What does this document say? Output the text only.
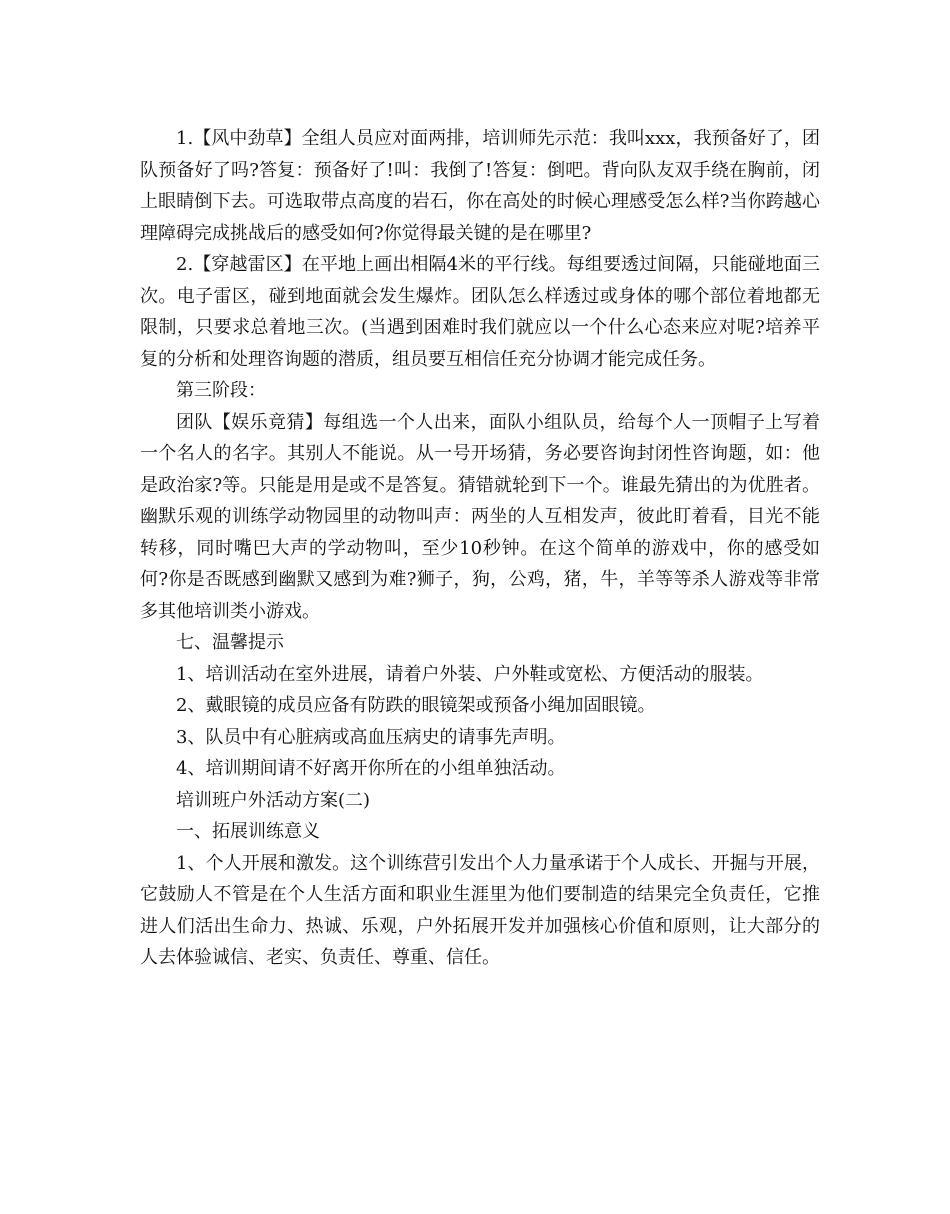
1.【风中劲草】全组人员应对面两排，培训师先示范：我叫xxx，我预备好了，团队预备好了吗?答复：预备好了!叫：我倒了!答复：倒吧。背向队友双手绕在胸前，闭上眼睛倒下去。可选取带点高度的岩石，你在高处的时候心理感受怎么样?当你跨越心理障碍完成挑战后的感受如何?你觉得最关键的是在哪里?

2.【穿越雷区】在平地上画出相隔4米的平行线。每组要透过间隔，只能碰地面三次。电子雷区，碰到地面就会发生爆炸。团队怎么样透过或身体的哪个部位着地都无限制，只要求总着地三次。(当遇到困难时我们就应以一个什么心态来应对呢?培养平复的分析和处理咨询题的潜质，组员要互相信任充分协调才能完成任务。

第三阶段：

团队【娱乐竟猜】每组选一个人出来，面队小组队员，给每个人一顶帽子上写着一个名人的名字。其别人不能说。从一号开场猜，务必要咨询封闭性咨询题，如：他是政治家?等。只能是用是或不是答复。猜错就轮到下一个。谁最先猜出的为优胜者。幽默乐观的训练学动物园里的动物叫声：两坐的人互相发声，彼此盯着看，目光不能转移，同时嘴巴大声的学动物叫，至少10秒钟。在这个简单的游戏中，你的感受如何?你是否既感到幽默又感到为难?狮子，狗，公鸡，猪，牛，羊等等杀人游戏等非常多其他培训类小游戏。

七、温馨提示

1、培训活动在室外进展，请着户外装、户外鞋或宽松、方便活动的服装。

2、戴眼镜的成员应备有防跌的眼镜架或预备小绳加固眼镜。

3、队员中有心脏病或高血压病史的请事先声明。

4、培训期间请不好离开你所在的小组单独活动。

培训班户外活动方案(二)

一、拓展训练意义

1、个人开展和激发。这个训练营引发出个人力量承诺于个人成长、开掘与开展，它鼓励人不管是在个人生活方面和职业生涯里为他们要制造的结果完全负责任，它推进人们活出生命力、热诚、乐观，户外拓展开发并加强核心价值和原则，让大部分的人去体验诚信、老实、负责任、尊重、信任。
